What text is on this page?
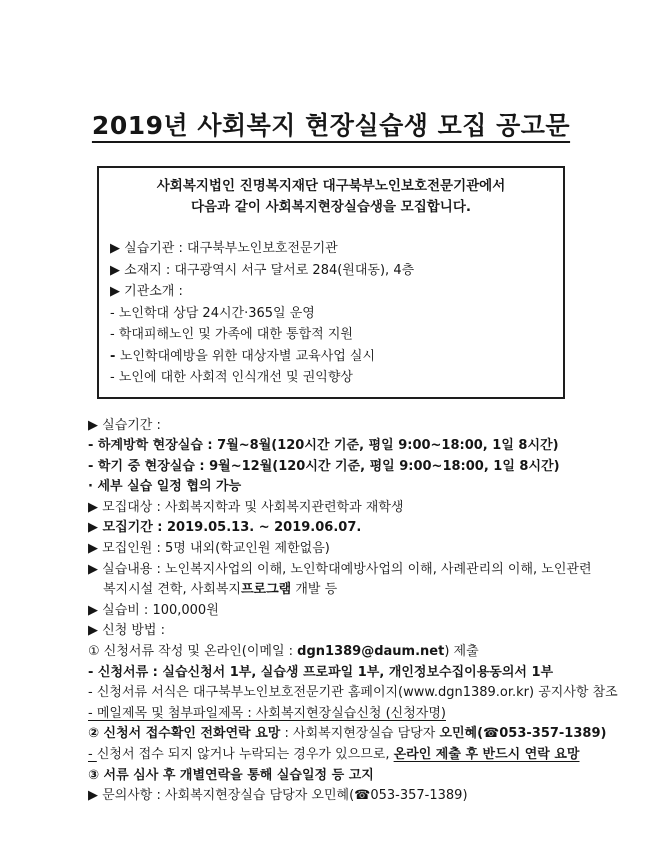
2019년 사회복지 현장실습생 모집 공고문
사회복지법인 진명복지재단 대구북부노인보호전문기관에서
다음과 같이 사회복지현장실습생을 모집합니다.
▶ 실습기관 : 대구북부노인보호전문기관
▶ 소재지 : 대구광역시 서구 달서로 284(원대동), 4층
▶ 기관소개 :
- 노인학대 상담 24시간·365일 운영
- 학대피해노인 및 가족에 대한 통합적 지원
- 노인학대예방을 위한 대상자별 교육사업 실시
- 노인에 대한 사회적 인식개선 및 권익향상
▶ 실습기간 :
- 하계방학 현장실습 : 7월~8월(120시간 기준, 평일 9:00~18:00, 1일 8시간)
- 학기 중 현장실습 : 9월~12월(120시간 기준, 평일 9:00~18:00, 1일 8시간)
· 세부 실습 일정 협의 가능
▶ 모집대상 : 사회복지학과 및 사회복지관련학과 재학생
▶ 모집기간 : 2019.05.13. ~ 2019.06.07.
▶ 모집인원 : 5명 내외(학교인원 제한없음)
▶ 실습내용 : 노인복지사업의 이해, 노인학대예방사업의 이해, 사례관리의 이해, 노인관련
복지시설 견학, 사회복지프로그램 개발 등
▶ 실습비 : 100,000원
▶ 신청 방법 :
① 신청서류 작성 및 온라인(이메일 : dgn1389@daum.net) 제출
- 신청서류 : 실습신청서 1부, 실습생 프로파일 1부, 개인정보수집이용동의서 1부
- 신청서류 서식은 대구북부노인보호전문기관 홈페이지(www.dgn1389.or.kr) 공지사항 참조
- 메일제목 및 첨부파일제목 : 사회복지현장실습신청 (신청자명)
② 신청서 접수확인 전화연락 요망 : 사회복지현장실습 담당자 오민혜(☎053-357-1389)
- 신청서 접수 되지 않거나 누락되는 경우가 있으므로, 온라인 제출 후 반드시 연락 요망
③ 서류 심사 후 개별연락을 통해 실습일정 등 고지
▶ 문의사항 : 사회복지현장실습 담당자 오민혜(☎053-357-1389)
